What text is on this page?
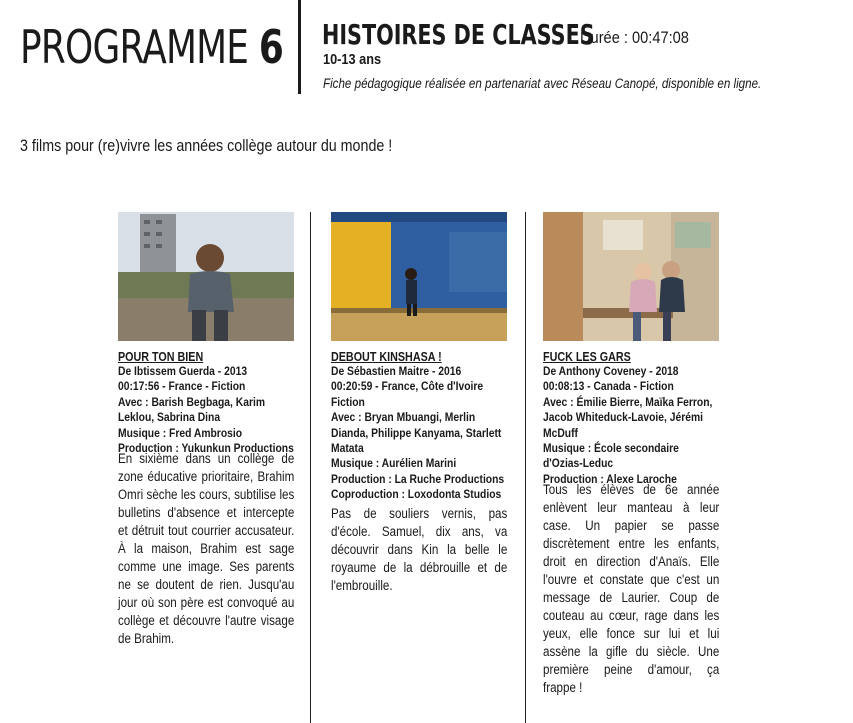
PROGRAMME 6 HISTOIRES DE CLASSES
Durée : 00:47:08
10-13 ans
Fiche pédagogique réalisée en partenariat avec Réseau Canopé, disponible en ligne.
3 films pour (re)vivre les années collège autour du monde !
POUR TON BIEN
De Ibtissem Guerda - 2013
00:17:56 - France - Fiction
Avec : Barish Begbaga, Karim Leklou, Sabrina Dina
Musique : Fred Ambrosio
Production : Yukunkun Productions
En sixième dans un collège de zone éducative prioritaire, Brahim Omri sèche les cours, subtilise les bulletins d'absence et intercepte et détruit tout courrier accusateur. À la maison, Brahim est sage comme une image. Ses parents ne se doutent de rien. Jusqu'au jour où son père est convoqué au collège et découvre l'autre visage de Brahim.
DEBOUT KINSHASA !
De Sébastien Maitre - 2016
00:20:59 - France, Côte d'Ivoire Fiction
Avec : Bryan Mbuangi, Merlin Dianda, Philippe Kanyama, Starlett Matata
Musique : Aurélien Marini
Production : La Ruche Productions
Coproduction : Loxodonta Studios
Pas de souliers vernis, pas d'école. Samuel, dix ans, va découvrir dans Kin la belle le royaume de la débrouille et de l'embrouille.
FUCK LES GARS
De Anthony Coveney - 2018
00:08:13 - Canada - Fiction
Avec : Émilie Bierre, Maïka Ferron, Jacob Whiteduck-Lavoie, Jérémi McDuff
Musique : École secondaire d'Ozias-Leduc
Production : Alexe Laroche
Tous les élèves de 6e année enlèvent leur manteau à leur case. Un papier se passe discrètement entre les enfants, droit en direction d'Anaïs. Elle l'ouvre et constate que c'est un message de Laurier. Coup de couteau au cœur, rage dans les yeux, elle fonce sur lui et lui assène la gifle du siècle. Une première peine d'amour, ça frappe !
